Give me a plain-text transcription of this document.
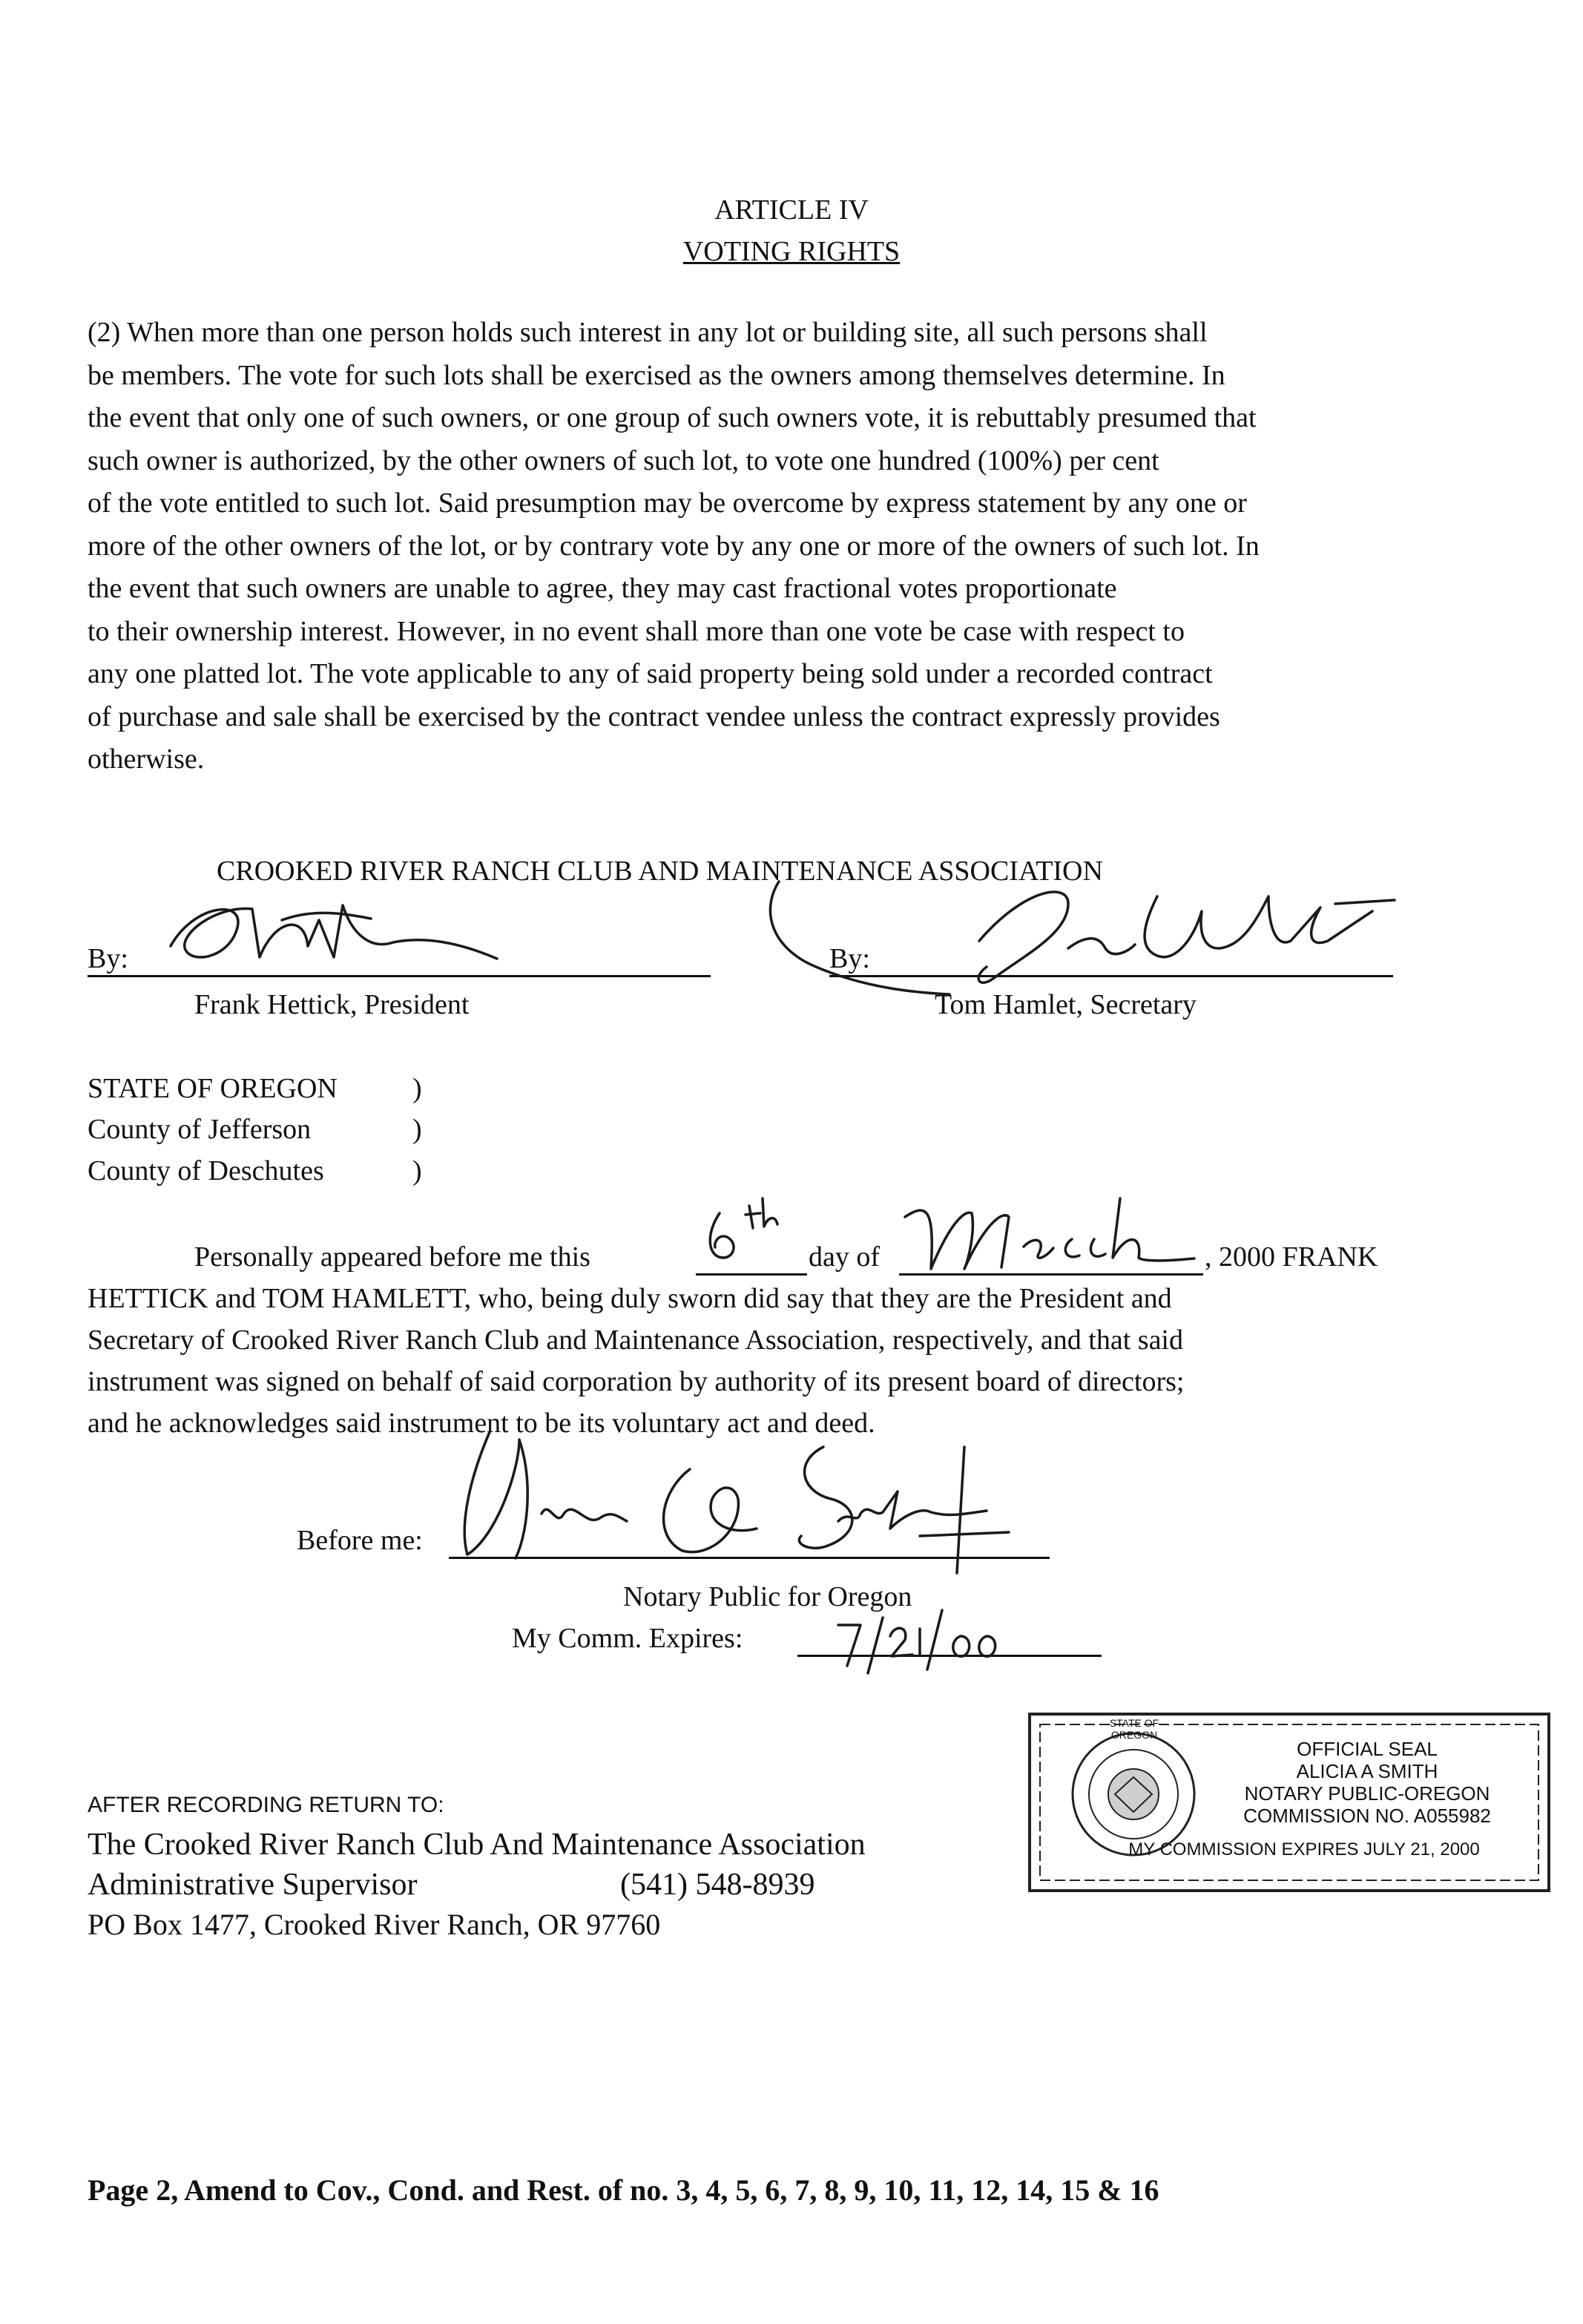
ARTICLE IV
VOTING RIGHTS
(2) When more than one person holds such interest in any lot or building site, all such persons shall
be members. The vote for such lots shall be exercised as the owners among themselves determine. In
the event that only one of such owners, or one group of such owners vote, it is rebuttably presumed that
such owner is authorized, by the other owners of such lot, to vote one hundred (100%) per cent
of the vote entitled to such lot. Said presumption may be overcome by express statement by any one or
more of the other owners of the lot, or by contrary vote by any one or more of the owners of such lot. In
the event that such owners are unable to agree, they may cast fractional votes proportionate
to their ownership interest. However, in no event shall more than one vote be case with respect to
any one platted lot. The vote applicable to any of said property being sold under a recorded contract
of purchase and sale shall be exercised by the contract vendee unless the contract expressly provides
otherwise.
CROOKED RIVER RANCH CLUB AND MAINTENANCE ASSOCIATION
By:
Frank Hettick, President
By:
Tom Hamlet, Secretary
STATE OF OREGON	)
County of Jefferson	)
County of Deschutes	)
Personally appeared before me this	day of	, 2000 FRANK
HETTICK and TOM HAMLETT, who, being duly sworn did say that they are the President and
Secretary of Crooked River Ranch Club and Maintenance Association, respectively, and that said
instrument was signed on behalf of said corporation by authority of its present board of directors;
and he acknowledges said instrument to be its voluntary act and deed.
Before me:
Notary Public for Oregon
My Comm. Expires:
STATE OF OREGON
OFFICIAL SEAL
ALICIA A SMITH
NOTARY PUBLIC-OREGON
COMMISSION NO. A055982
MY COMMISSION EXPIRES JULY 21, 2000
AFTER RECORDING RETURN TO:
The Crooked River Ranch Club And Maintenance Association
Administrative Supervisor	(541) 548-8939
PO Box 1477, Crooked River Ranch, OR 97760
Page 2, Amend to Cov., Cond. and Rest. of no. 3, 4, 5, 6, 7, 8, 9, 10, 11, 12, 14, 15 & 16
